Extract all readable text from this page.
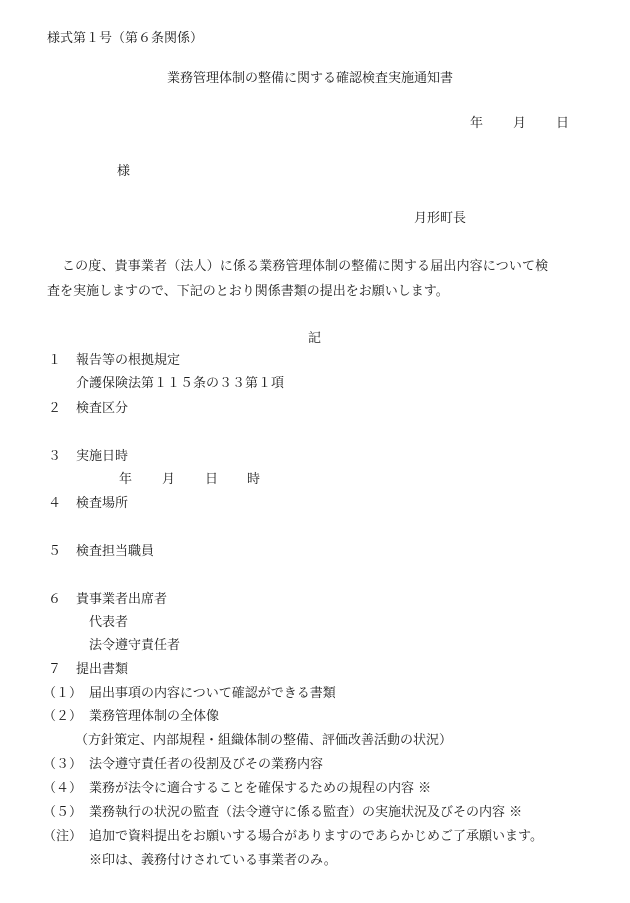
様式第１号（第６条関係）
業務管理体制の整備に関する確認検査実施通知書
年 月 日
様
月形町長
この度、貴事業者（法人）に係る業務管理体制の整備に関する届出内容について検
査を実施しますので、下記のとおり関係書類の提出をお願いします。
記
１ 報告等の根拠規定
介護保険法第１１５条の３３第１項
２ 検査区分
３ 実施日時
年 月 日 時
４ 検査場所
５ 検査担当職員
６ 貴事業者出席者
代表者
法令遵守責任者
７ 提出書類
（１） 届出事項の内容について確認ができる書類
（２） 業務管理体制の全体像
（方針策定、内部規程・組織体制の整備、評価改善活動の状況）
（３） 法令遵守責任者の役割及びその業務内容
（４） 業務が法令に適合することを確保するための規程の内容 ※
（５） 業務執行の状況の監査（法令遵守に係る監査）の実施状況及びその内容 ※
（注） 追加で資料提出をお願いする場合がありますのであらかじめご了承願います。
※印は、義務付けされている事業者のみ。
